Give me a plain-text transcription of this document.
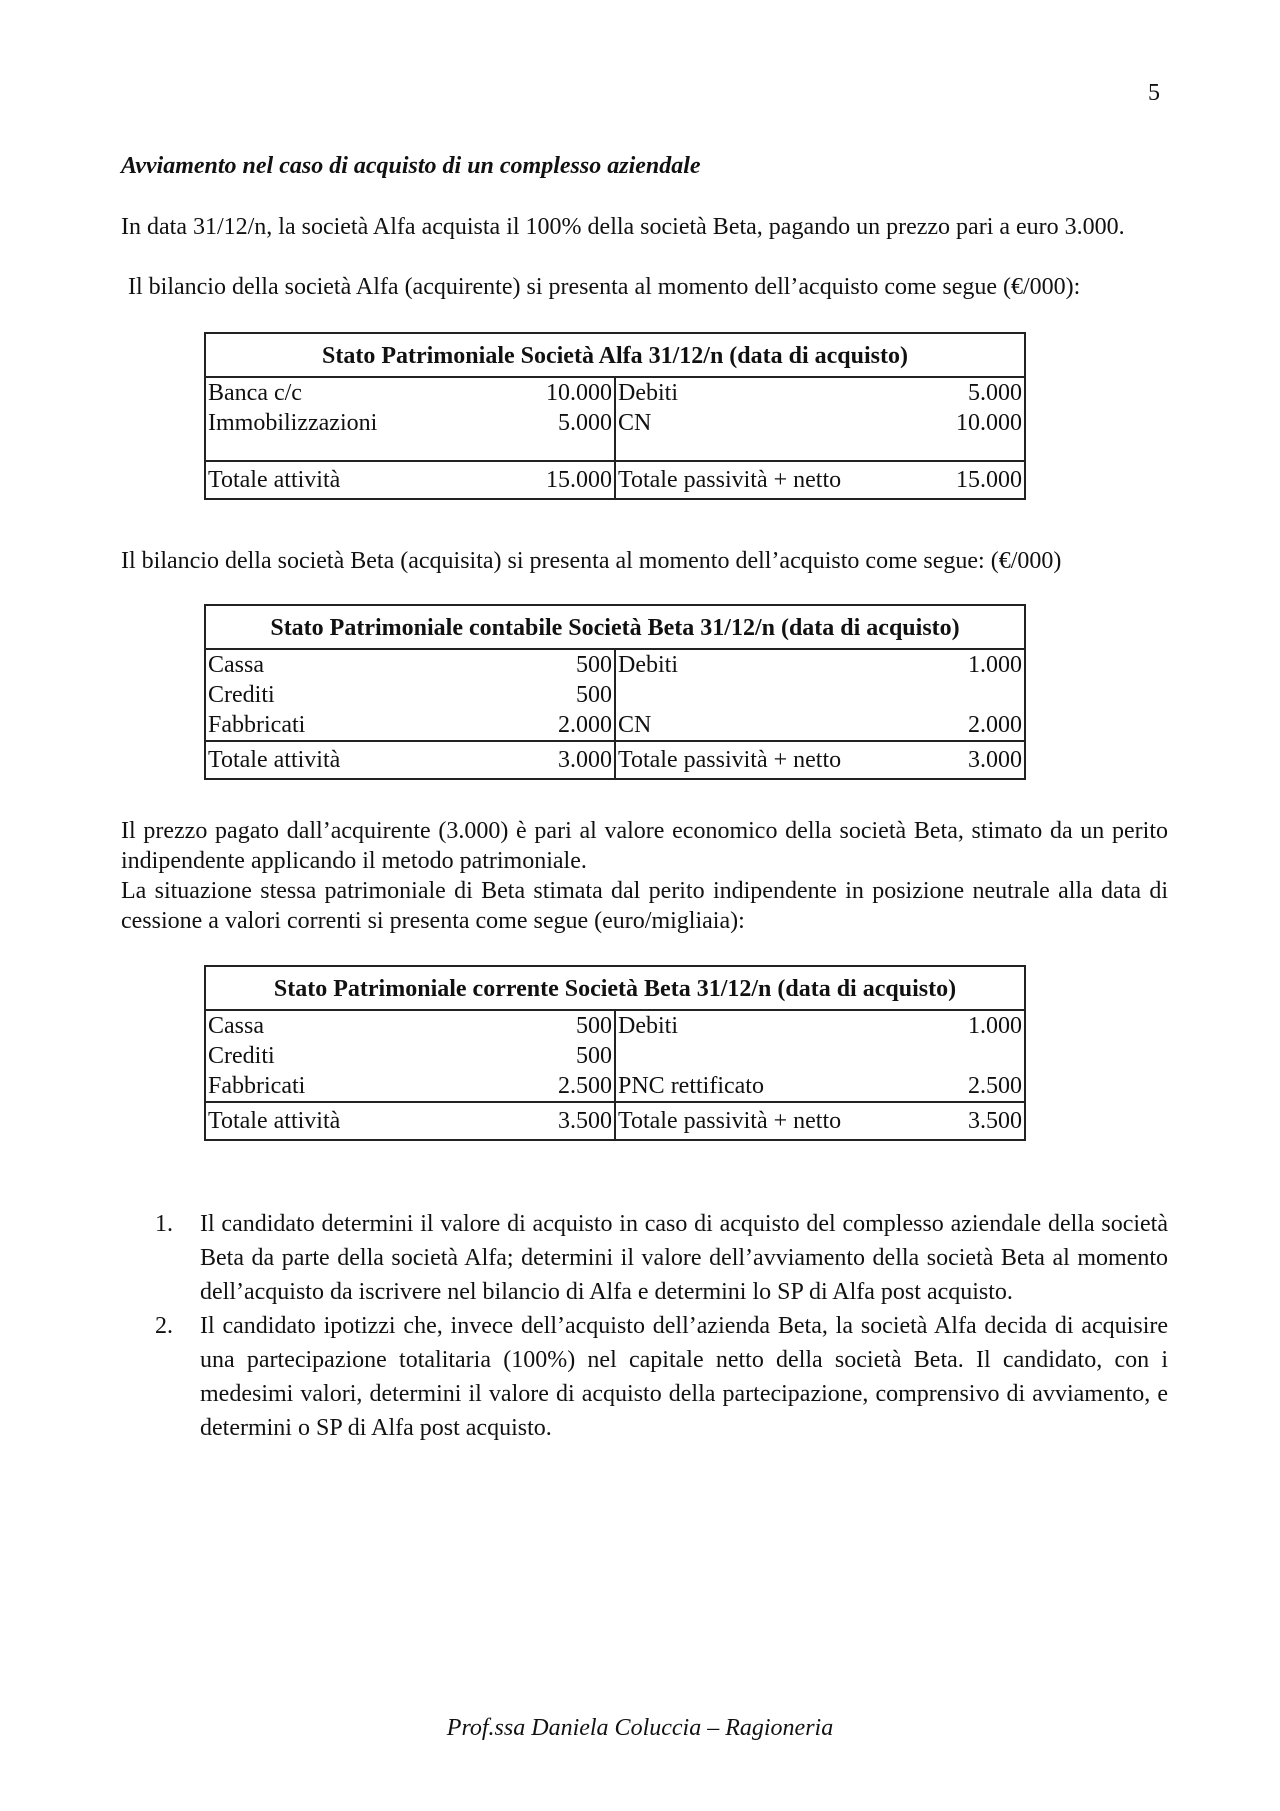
5
Avviamento nel caso di acquisto di un complesso aziendale
In data 31/12/n, la società Alfa acquista il 100% della società Beta, pagando un prezzo pari a euro 3.000.
Il bilancio della società Alfa (acquirente) si presenta al momento dell’acquisto come segue (€/000):
Stato Patrimoniale Società Alfa 31/12/n (data di acquisto)
Banca c/c	10.000 Debiti	5.000
Immobilizzazioni	5.000 CN	10.000
Totale attività	15.000 Totale passività + netto	15.000
Il bilancio della società Beta (acquisita) si presenta al momento dell’acquisto come segue: (€/000)
Stato Patrimoniale contabile Società Beta 31/12/n (data di acquisto)
Cassa	500 Debiti	1.000
Crediti	500
Fabbricati	2.000 CN	2.000
Totale attività	3.000 Totale passività + netto	3.000
Il prezzo pagato dall’acquirente (3.000) è pari al valore economico della società Beta, stimato da un perito indipendente applicando il metodo patrimoniale.
La situazione stessa patrimoniale di Beta stimata dal perito indipendente in posizione neutrale alla data di cessione a valori correnti si presenta come segue (euro/migliaia):
Stato Patrimoniale corrente Società Beta 31/12/n (data di acquisto)
Cassa	500 Debiti	1.000
Crediti	500
Fabbricati	2.500 PNC rettificato	2.500
Totale attività	3.500 Totale passività + netto	3.500
1.	Il candidato determini il valore di acquisto in caso di acquisto del complesso aziendale della società Beta da parte della società Alfa; determini il valore dell’avviamento della società Beta al momento dell’acquisto da iscrivere nel bilancio di Alfa e determini lo SP di Alfa post acquisto.
2.	Il candidato ipotizzi che, invece dell’acquisto dell’azienda Beta, la società Alfa decida di acquisire una partecipazione totalitaria (100%) nel capitale netto della società Beta. Il candidato, con i medesimi valori, determini il valore di acquisto della partecipazione, comprensivo di avviamento, e determini o SP di Alfa post acquisto.
Prof.ssa Daniela Coluccia – Ragioneria
